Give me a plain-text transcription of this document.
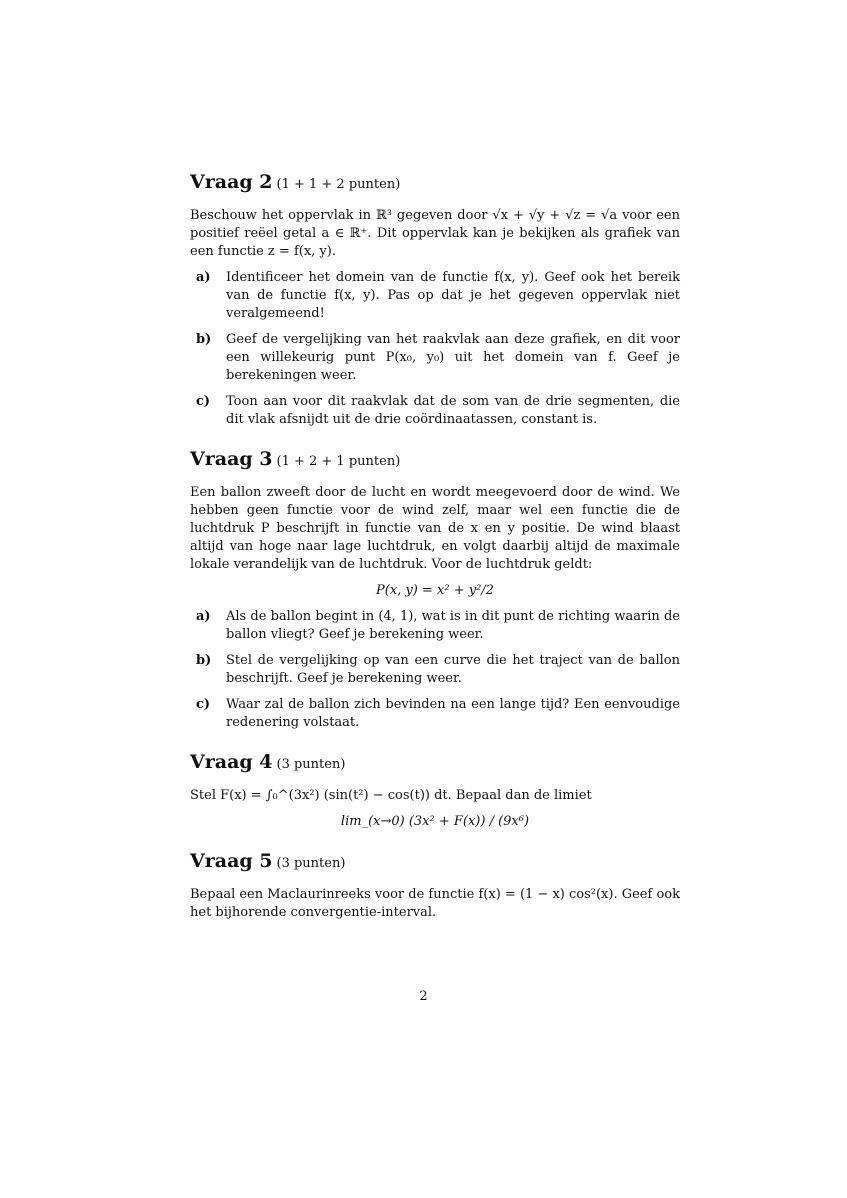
Vraag 2 (1 + 1 + 2 punten)

Beschouw het oppervlak in ℝ³ gegeven door √x + √y + √z = √a voor een positief reëel getal a ∈ ℝ⁺. Dit oppervlak kan je bekijken als grafiek van een functie z = f(x, y).

a)	Identificeer het domein van de functie f(x, y). Geef ook het bereik van de functie f(x, y). Pas op dat je het gegeven oppervlak niet veralgemeend!
b)	Geef de vergelijking van het raakvlak aan deze grafiek, en dit voor een willekeurig punt P(x₀, y₀) uit het domein van f. Geef je berekeningen weer.
c)	Toon aan voor dit raakvlak dat de som van de drie segmenten, die dit vlak afsnijdt uit de drie coördinaatassen, constant is.
Vraag 3 (1 + 2 + 1 punten)

Een ballon zweeft door de lucht en wordt meegevoerd door de wind. We hebben geen functie voor de wind zelf, maar wel een functie die de luchtdruk P beschrijft in functie van de x en y positie. De wind blaast altijd van hoge naar lage luchtdruk, en volgt daarbij altijd de maximale lokale verandelijk van de luchtdruk. Voor de luchtdruk geldt:

P(x, y) = x² + y²/2
a)	Als de ballon begint in (4, 1), wat is in dit punt de richting waarin de ballon vliegt? Geef je berekening weer.
b)	Stel de vergelijking op van een curve die het traject van de ballon beschrijft. Geef je berekening weer.
c)	Waar zal de ballon zich bevinden na een lange tijd? Een eenvoudige redenering volstaat.
Vraag 4 (3 punten)

Stel F(x) = ∫₀^(3x²) (sin(t²) − cos(t)) dt. Bepaal dan de limiet

lim_(x→0) (3x² + F(x)) / (9x⁶)
Vraag 5 (3 punten)

Bepaal een Maclaurinreeks voor de functie f(x) = (1 − x) cos²(x). Geef ook het bijhorende convergentie-interval.

2
